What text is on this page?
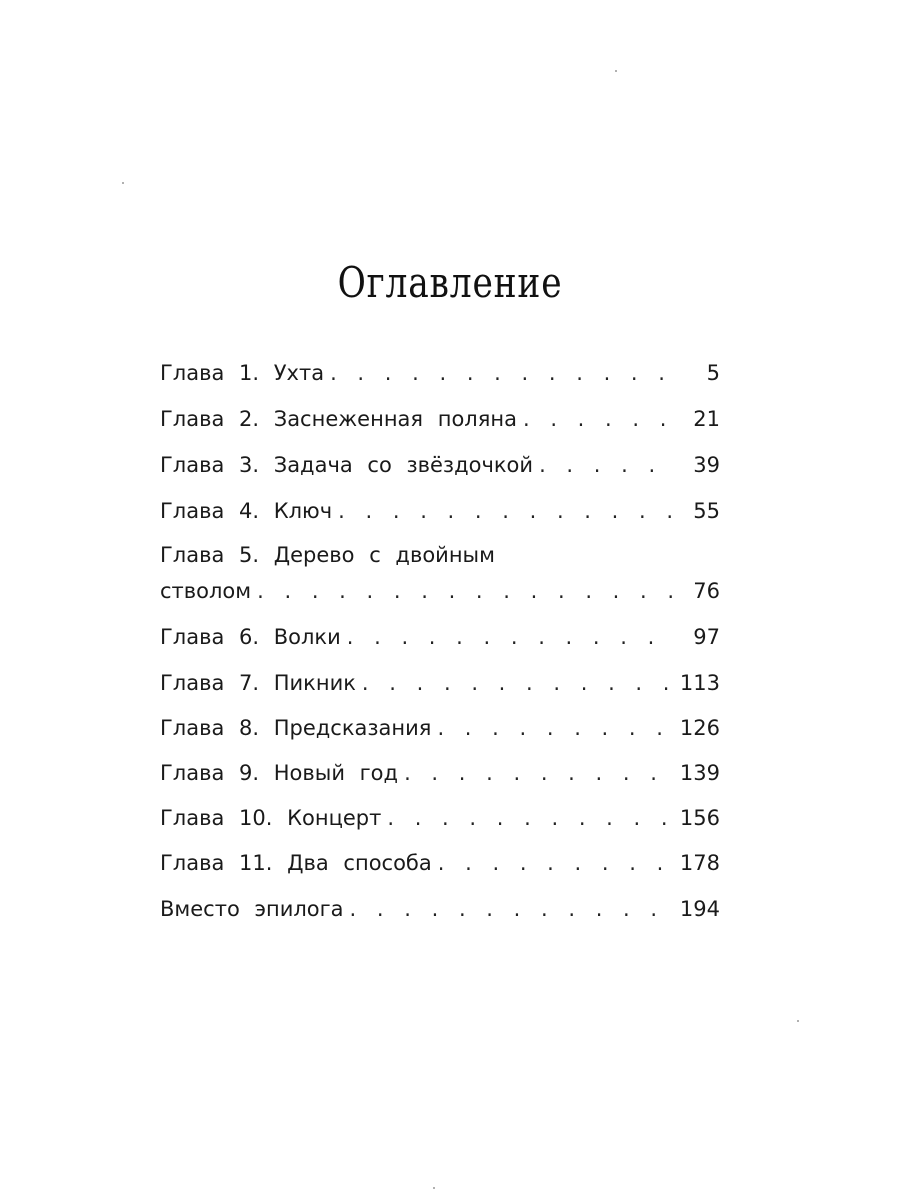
Оглавление
Глава 1. Ухта . . .	5
Глава 2. Заснеженная поляна . . .	21
Глава 3. Задача со звёздочкой . . .	39
Глава 4. Ключ . . .	55
Глава 5. Дерево с двойным
стволом . . .	76
Глава 6. Волки . . .	97
Глава 7. Пикник . . .	113
Глава 8. Предсказания . . .	126
Глава 9. Новый год . . .	139
Глава 10. Концерт . . .	156
Глава 11. Два способа . . .	178
Вместо эпилога . . .	194
